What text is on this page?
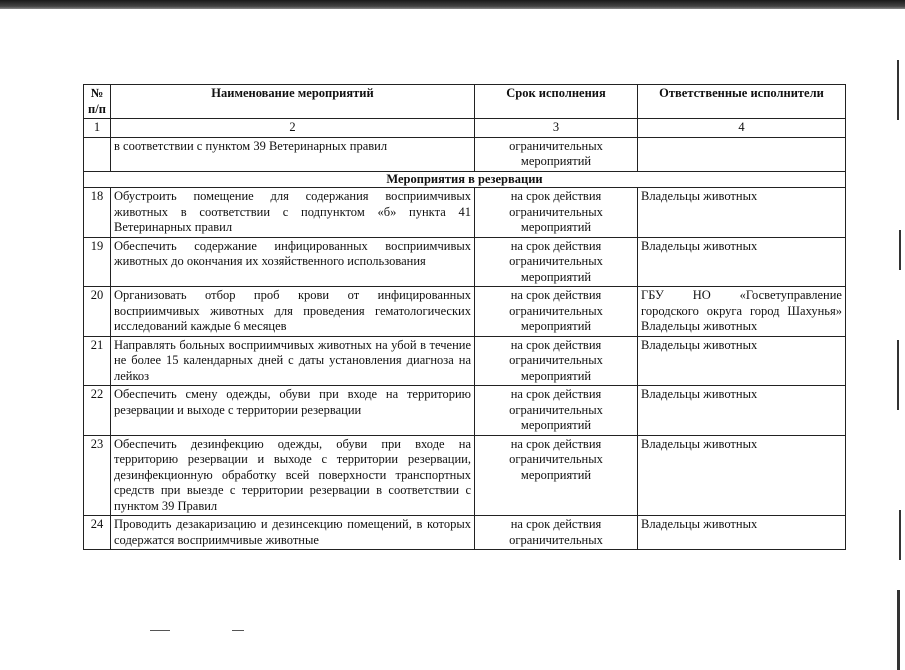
№ п/п	Наименование мероприятий	Срок исполнения	Ответственные исполнители
1	2	3	4
	в соответствии с пунктом 39 Ветеринарных правил	ограничительных мероприятий	
Мероприятия в резервации			
18	Обустроить помещение для содержания восприимчивых животных в соответствии с подпунктом «б» пункта 41 Ветеринарных правил	на срок действия ограничительных мероприятий	Владельцы животных
19	Обеспечить содержание инфицированных восприимчивых животных до окончания их хозяйственного использования	на срок действия ограничительных мероприятий	Владельцы животных
20	Организовать отбор проб крови от инфицированных восприимчивых животных для проведения гематологических исследований каждые 6 месяцев	на срок действия ограничительных мероприятий	ГБУ НО «Госветуправление городского округа город Шахунья» Владельцы животных
21	Направлять больных восприимчивых животных на убой в течение не более 15 календарных дней с даты установления диагноза на лейкоз	на срок действия ограничительных мероприятий	Владельцы животных
22	Обеспечить смену одежды, обуви при входе на территорию резервации и выходе с территории резервации	на срок действия ограничительных мероприятий	Владельцы животных
23	Обеспечить дезинфекцию одежды, обуви при входе на территорию резервации и выходе с территории резервации, дезинфекционную обработку всей поверхности транспортных средств при выезде с территории резервации в соответствии с пунктом 39 Правил	на срок действия ограничительных мероприятий	Владельцы животных
24	Проводить дезакаризацию и дезинсекцию помещений, в которых содержатся восприимчивые животные	на срок действия ограничительных	Владельцы животных
